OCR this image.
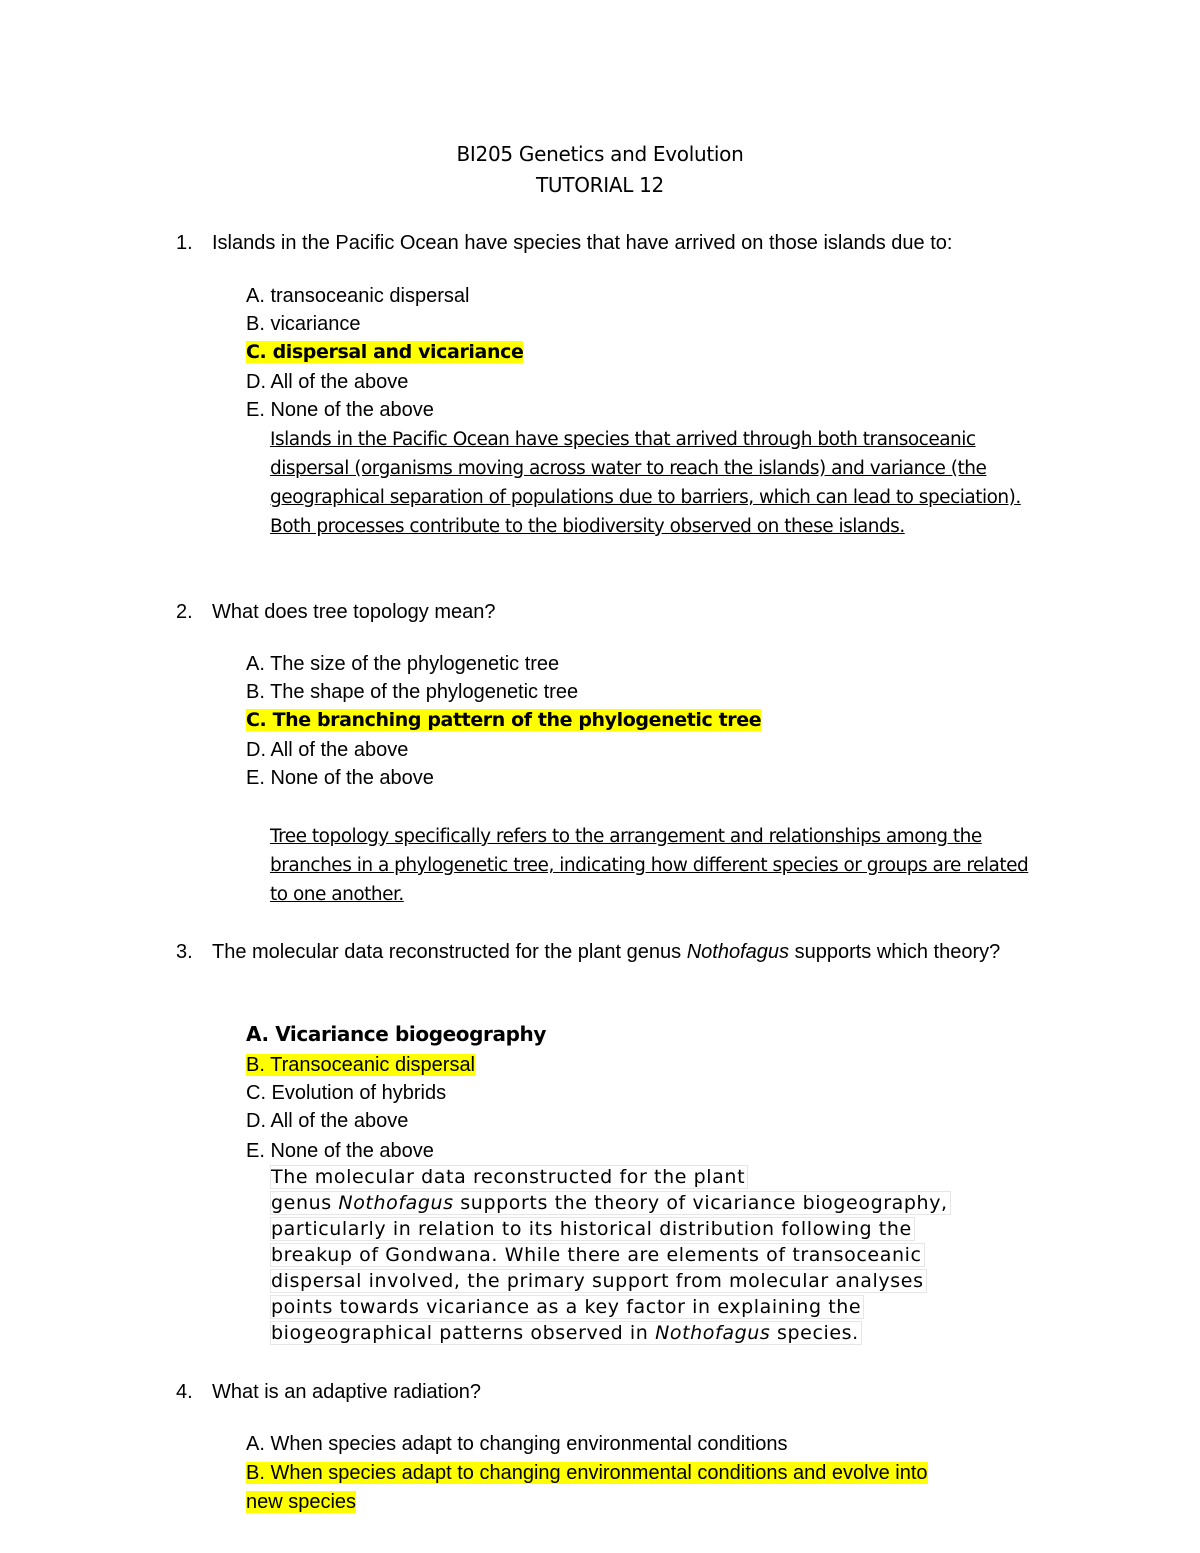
BI205 Genetics and Evolution
TUTORIAL 12
1. Islands in the Pacific Ocean have species that have arrived on those islands due to:
A. transoceanic dispersal
B. vicariance
C. dispersal and vicariance
D. All of the above
E. None of the above
Islands in the Pacific Ocean have species that arrived through both transoceanic dispersal (organisms moving across water to reach the islands) and variance (the geographical separation of populations due to barriers, which can lead to speciation). Both processes contribute to the biodiversity observed on these islands.
2. What does tree topology mean?
A. The size of the phylogenetic tree
B. The shape of the phylogenetic tree
C. The branching pattern of the phylogenetic tree
D. All of the above
E. None of the above
Tree topology specifically refers to the arrangement and relationships among the branches in a phylogenetic tree, indicating how different species or groups are related to one another.
3. The molecular data reconstructed for the plant genus Nothofagus supports which theory?
A. Vicariance biogeography
B. Transoceanic dispersal
C. Evolution of hybrids
D. All of the above
E. None of the above
The molecular data reconstructed for the plant
genus Nothofagus supports the theory of vicariance biogeography,
particularly in relation to its historical distribution following the
breakup of Gondwana. While there are elements of transoceanic
dispersal involved, the primary support from molecular analyses
points towards vicariance as a key factor in explaining the
biogeographical patterns observed in Nothofagus species.
4. What is an adaptive radiation?
A. When species adapt to changing environmental conditions
B. When species adapt to changing environmental conditions and evolve into
new species
